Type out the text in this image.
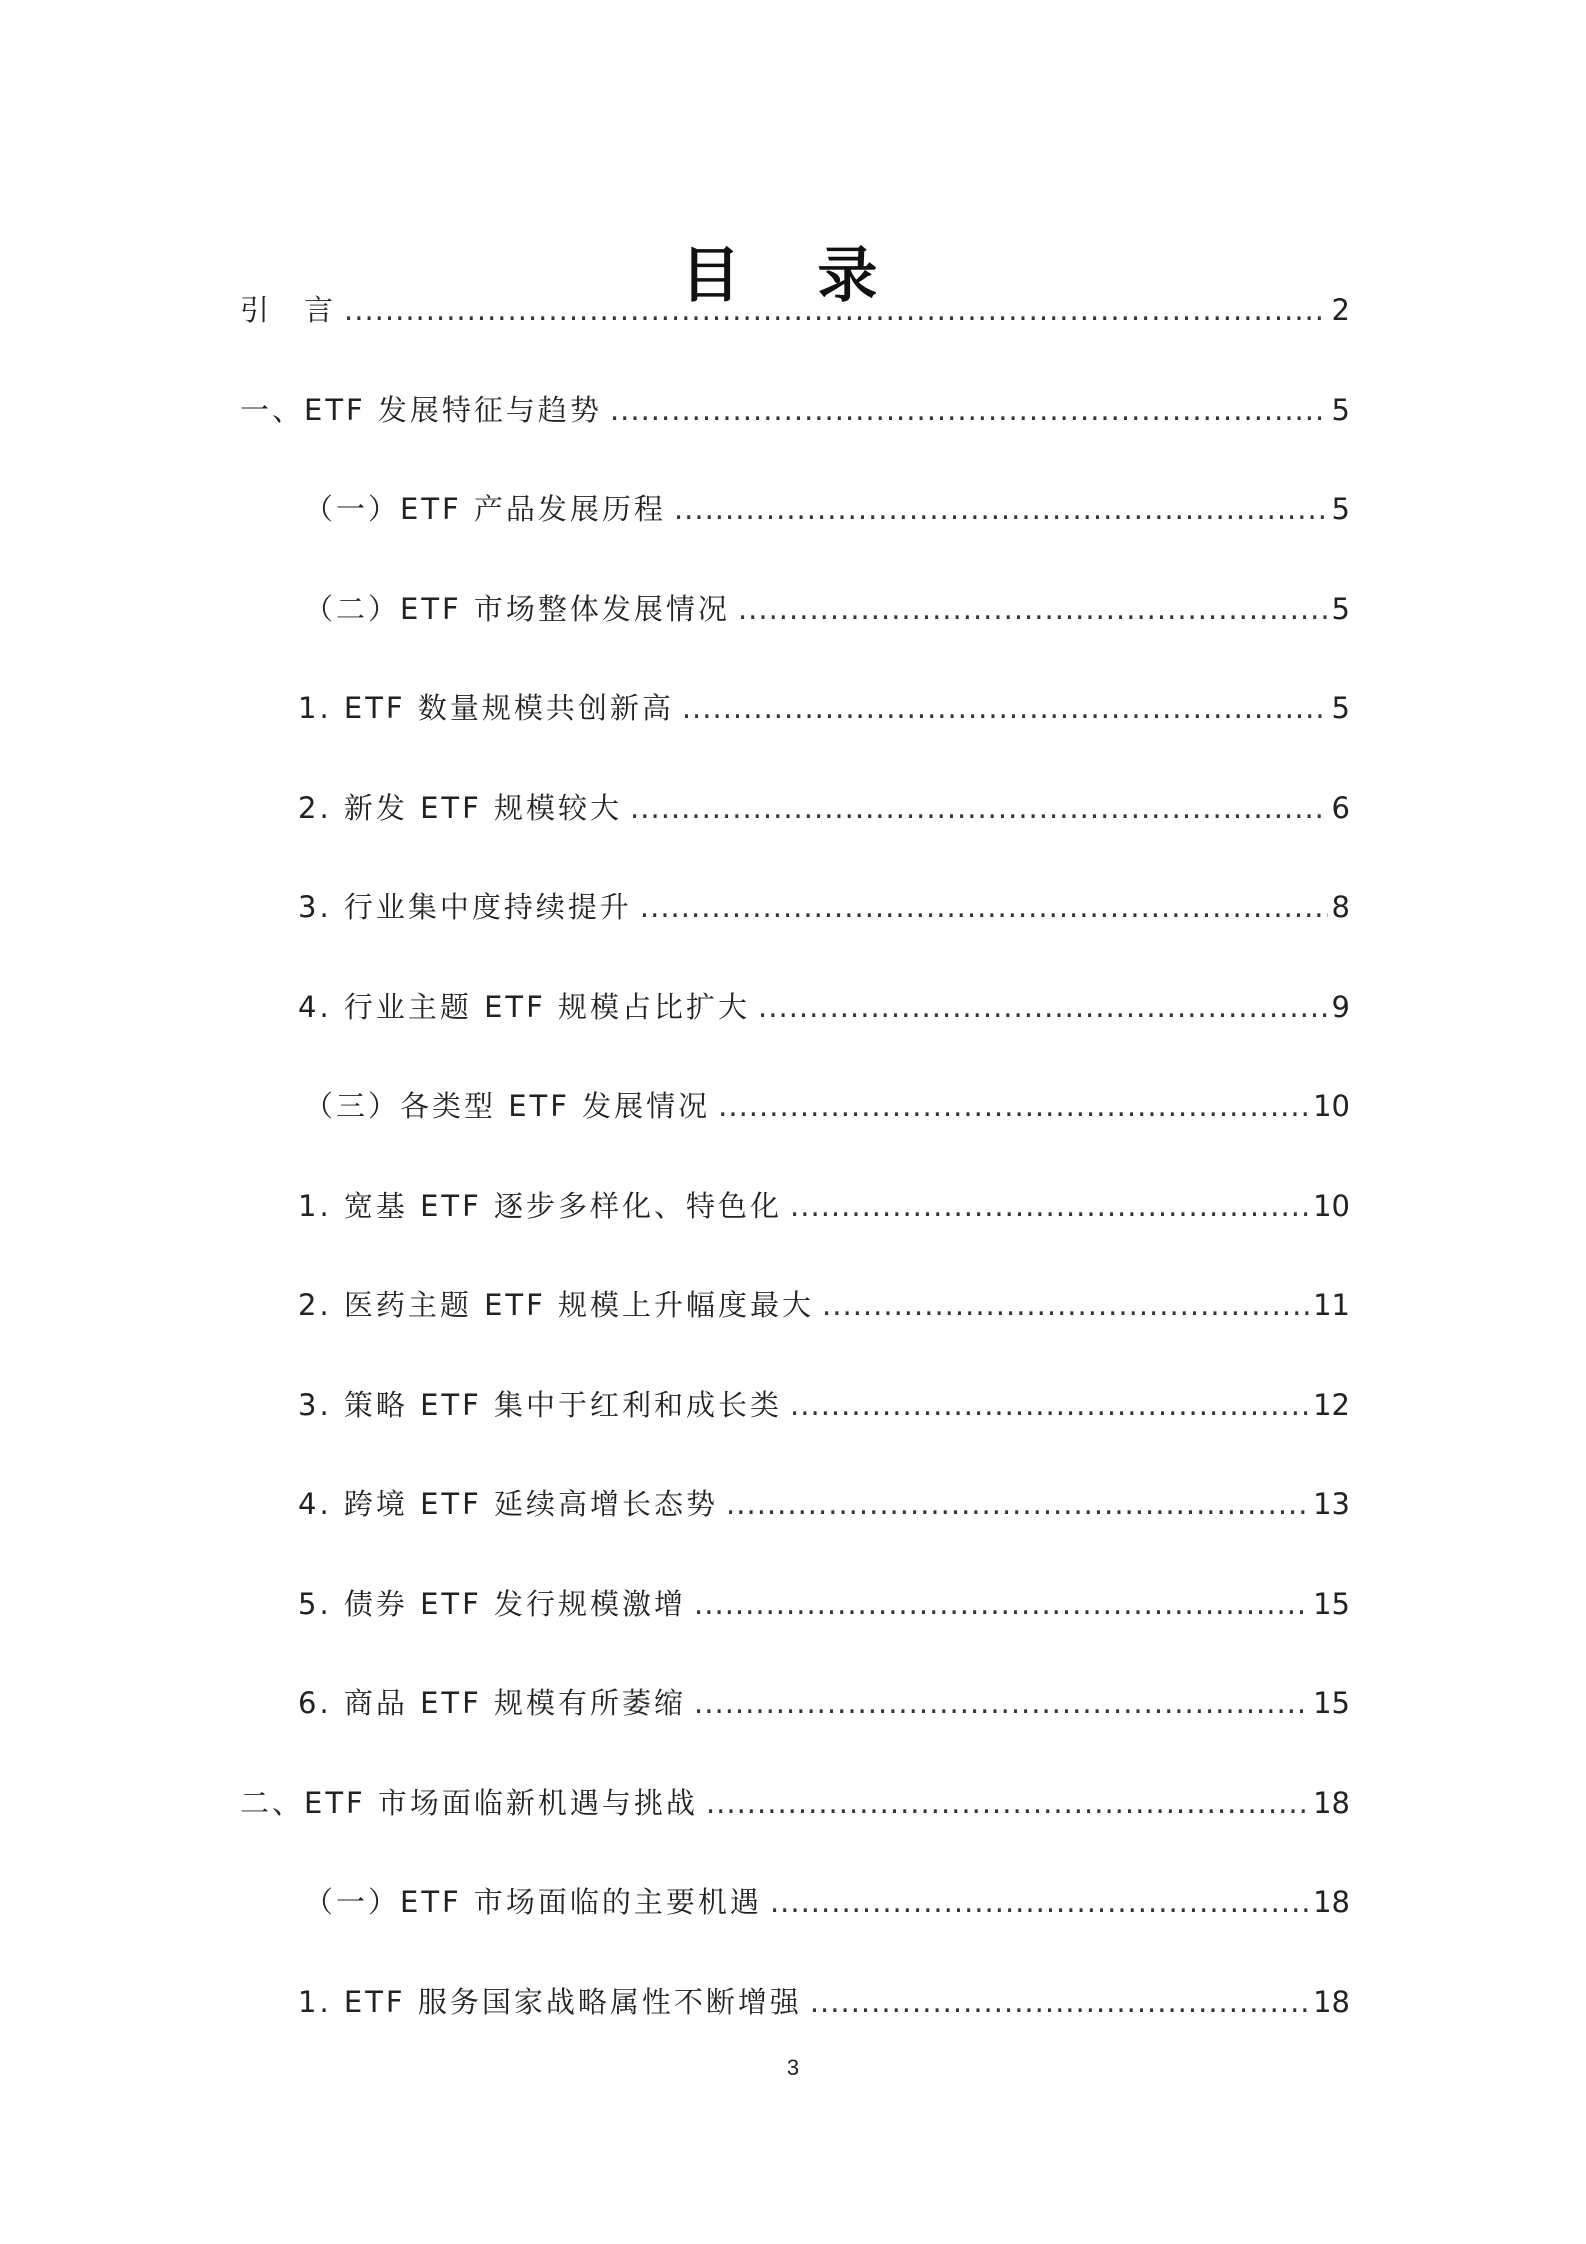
目 录
引　言 .....	2
一、ETF 发展特征与趋势 .....	5
（一）ETF 产品发展历程 .....	5
（二）ETF 市场整体发展情况 .....	5
1. ETF 数量规模共创新高 .....	5
2. 新发 ETF 规模较大 .....	6
3. 行业集中度持续提升 .....	8
4. 行业主题 ETF 规模占比扩大 .....	9
（三）各类型 ETF 发展情况 .....	10
1. 宽基 ETF 逐步多样化、特色化 .....	10
2. 医药主题 ETF 规模上升幅度最大 .....	11
3. 策略 ETF 集中于红利和成长类 .....	12
4. 跨境 ETF 延续高增长态势 .....	13
5. 债券 ETF 发行规模激增 .....	15
6. 商品 ETF 规模有所萎缩 .....	15
二、ETF 市场面临新机遇与挑战 .....	18
（一）ETF 市场面临的主要机遇 .....	18
1. ETF 服务国家战略属性不断增强 .....	18
3
